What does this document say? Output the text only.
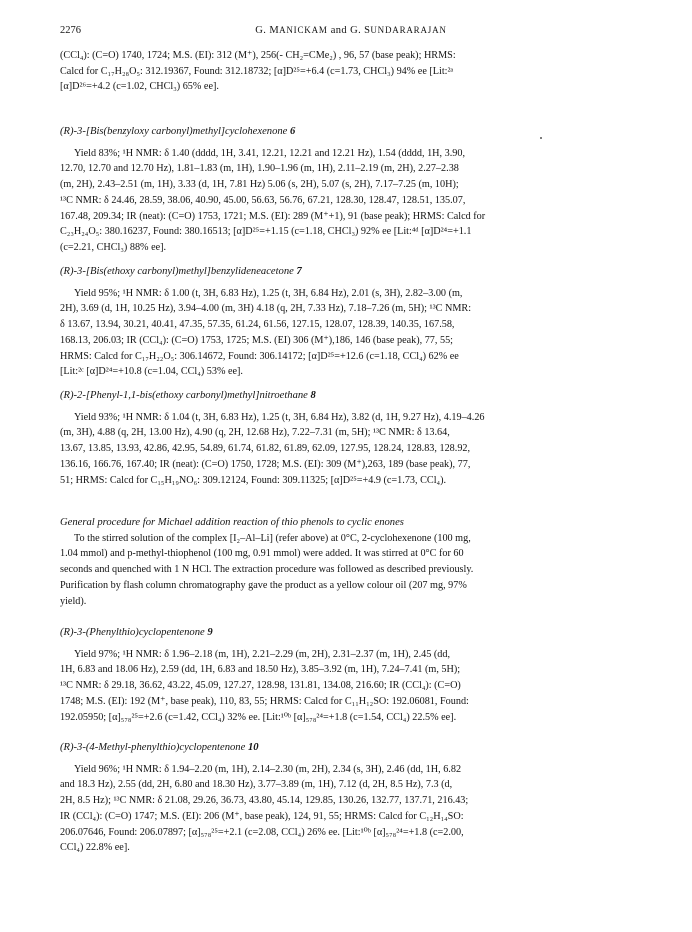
2276	G. MANICKAM and G. SUNDARARAJAN
(CCl₄): (C=O) 1740, 1724; M.S. (EI): 312 (M⁺), 256(- CH₂=CMe₂) , 96, 57 (base peak); HRMS:
Calcd for C₁₇H₂₈O₅: 312.19367, Found: 312.18732; [α]D²⁵=+6.4 (c=1.73, CHCl₃) 94% ee [Lit:²ᵃ
[α]D²⁶=+4.2 (c=1.02, CHCl₃) 65% ee].
(R)-3-[Bis(benzyloxy carbonyl)methyl]cyclohexenone 6
Yield 83%; ¹H NMR: δ 1.40 (dddd, 1H, 3.41, 12.21, 12.21 and 12.21 Hz), 1.54 (dddd, 1H, 3.90,
12.70, 12.70 and 12.70 Hz), 1.81–1.83 (m, 1H), 1.90–1.96 (m, 1H), 2.11–2.19 (m, 2H), 2.27–2.38
(m, 2H), 2.43–2.51 (m, 1H), 3.33 (d, 1H, 7.81 Hz) 5.06 (s, 2H), 5.07 (s, 2H), 7.17–7.25 (m, 10H);
¹³C NMR: δ 24.46, 28.59, 38.06, 40.90, 45.00, 56.63, 56.76, 67.21, 128.30, 128.47, 128.51, 135.07,
167.48, 209.34; IR (neat): (C=O) 1753, 1721; M.S. (EI): 289 (M⁺+1), 91 (base peak); HRMS: Calcd for
C₂₃H₂₄O₅: 380.16237, Found: 380.16513; [α]D²⁵=+1.15 (c=1.18, CHCl₃) 92% ee [Lit:⁴ᵈ [α]D²⁴=+1.1
(c=2.21, CHCl₃) 88% ee].
(R)-3-[Bis(ethoxy carbonyl)methyl]benzylideneacetone 7
Yield 95%; ¹H NMR: δ 1.00 (t, 3H, 6.83 Hz), 1.25 (t, 3H, 6.84 Hz), 2.01 (s, 3H), 2.82–3.00 (m,
2H), 3.69 (d, 1H, 10.25 Hz), 3.94–4.00 (m, 3H) 4.18 (q, 2H, 7.33 Hz), 7.18–7.26 (m, 5H); ¹³C NMR:
δ 13.67, 13.94, 30.21, 40.41, 47.35, 57.35, 61.24, 61.56, 127.15, 128.07, 128.39, 140.35, 167.58,
168.13, 206.03; IR (CCl₄): (C=O) 1753, 1725; M.S. (EI) 306 (M⁺),186, 146 (base peak), 77, 55;
HRMS: Calcd for C₁₇H₂₂O₅: 306.14672, Found: 306.14172; [α]D²⁵=+12.6 (c=1.18, CCl₄) 62% ee
[Lit:²ᶜ [α]D²⁴=+10.8 (c=1.04, CCl₄) 53% ee].
(R)-2-[Phenyl-1,1-bis(ethoxy carbonyl)methyl]nitroethane 8
Yield 93%; ¹H NMR: δ 1.04 (t, 3H, 6.83 Hz), 1.25 (t, 3H, 6.84 Hz), 3.82 (d, 1H, 9.27 Hz), 4.19–4.26
(m, 3H), 4.88 (q, 2H, 13.00 Hz), 4.90 (q, 2H, 12.68 Hz), 7.22–7.31 (m, 5H); ¹³C NMR: δ 13.64,
13.67, 13.85, 13.93, 42.86, 42.95, 54.89, 61.74, 61.82, 61.89, 62.09, 127.95, 128.24, 128.83, 128.92,
136.16, 166.76, 167.40; IR (neat): (C=O) 1750, 1728; M.S. (EI): 309 (M⁺),263, 189 (base peak), 77,
51; HRMS: Calcd for C₁₅H₁₉NO₆: 309.12124, Found: 309.11325; [α]D²⁵=+4.9 (c=1.73, CCl₄).
General procedure for Michael addition reaction of thio phenols to cyclic enones
To the stirred solution of the complex [I₂–Al–Li] (refer above) at 0°C, 2-cyclohexenone (100 mg,
1.04 mmol) and p-methyl-thiophenol (100 mg, 0.91 mmol) were added. It was stirred at 0°C for 60
seconds and quenched with 1 N HCl. The extraction procedure was followed as described previously.
Purification by flash column chromatography gave the product as a yellow colour oil (207 mg, 97%
yield).
(R)-3-(Phenylthio)cyclopentenone 9
Yield 97%; ¹H NMR: δ 1.96–2.18 (m, 1H), 2.21–2.29 (m, 2H), 2.31–2.37 (m, 1H), 2.45 (dd,
1H, 6.83 and 18.06 Hz), 2.59 (dd, 1H, 6.83 and 18.50 Hz), 3.85–3.92 (m, 1H), 7.24–7.41 (m, 5H);
¹³C NMR: δ 29.18, 36.62, 43.22, 45.09, 127.27, 128.98, 131.81, 134.08, 216.60; IR (CCl₄): (C=O)
1748; M.S. (EI): 192 (M⁺, base peak), 110, 83, 55; HRMS: Calcd for C₁₁H₁₂SO: 192.06081, Found:
192.05950; [α]₅₇₈²⁵=+2.6 (c=1.42, CCl₄) 32% ee. [Lit:¹⁰ᵇ [α]₅₇₈²⁴=+1.8 (c=1.54, CCl₄) 22.5% ee].
(R)-3-(4-Methyl-phenylthio)cyclopentenone 10
Yield 96%; ¹H NMR: δ 1.94–2.20 (m, 1H), 2.14–2.30 (m, 2H), 2.34 (s, 3H), 2.46 (dd, 1H, 6.82
and 18.3 Hz), 2.55 (dd, 2H, 6.80 and 18.30 Hz), 3.77–3.89 (m, 1H), 7.12 (d, 2H, 8.5 Hz), 7.3 (d,
2H, 8.5 Hz); ¹³C NMR: δ 21.08, 29.26, 36.73, 43.80, 45.14, 129.85, 130.26, 132.77, 137.71, 216.43;
IR (CCl₄): (C=O) 1747; M.S. (EI): 206 (M⁺, base peak), 124, 91, 55; HRMS: Calcd for C₁₂H₁₄SO:
206.07646, Found: 206.07897; [α]₅₇₈²⁵=+2.1 (c=2.08, CCl₄) 26% ee. [Lit:¹⁰ᵇ [α]₅₇₈²⁴=+1.8 (c=2.00,
CCl₄) 22.8% ee].
